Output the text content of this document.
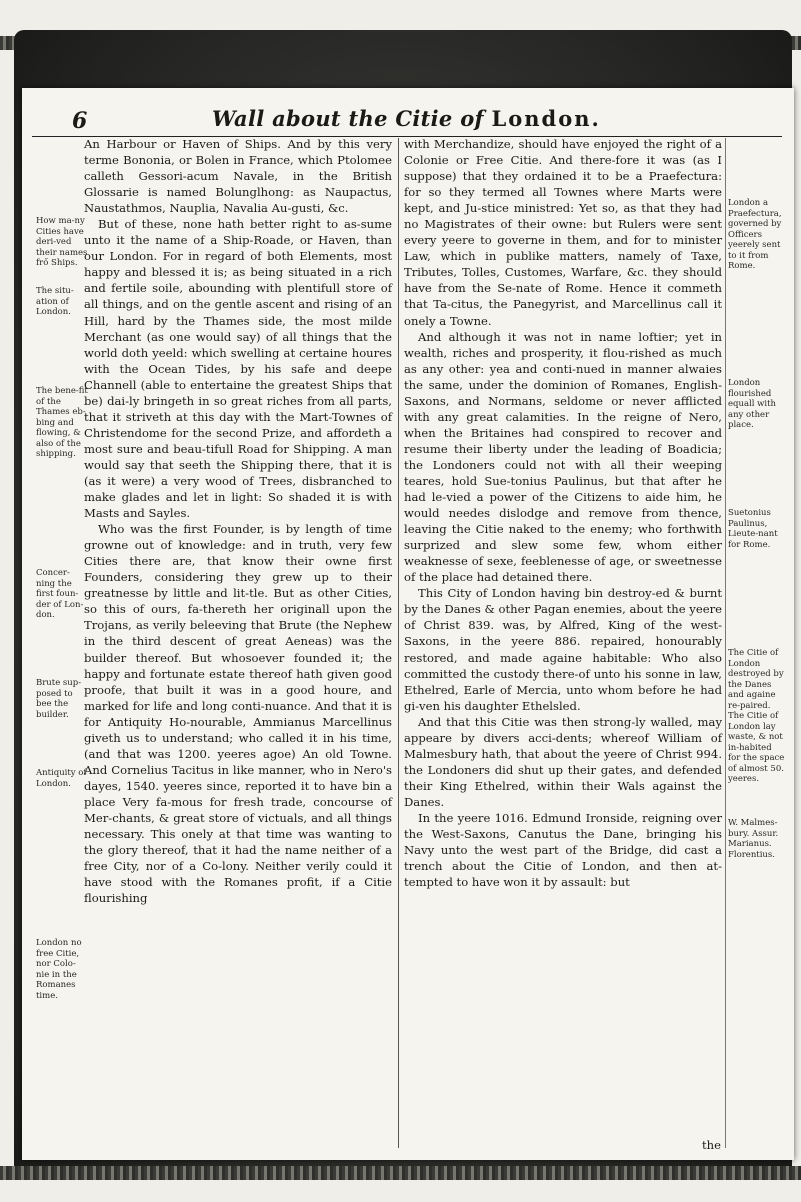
6	Wall about the Citie of London.
How ma-ny Cities have deri-ved their names frő Ships.
The situ-ation of London.
The bene-fit of the Thames eb-bing and flowing, & also of the shipping.
Concer-ning the first foun-der of Lon-don.
Brute sup-posed to bee the builder.
Antiquity of London.
London no free Citie, nor Colo-nie in the Romanes time.
London a Praefectura, governed by Officers yeerely sent to it from Rome.
London flourished equall with any other place.
Suetonius Paulinus, Lieute-nant for Rome.
The Citie of London destroyed by the Danes and againe re-paired. The Citie of London lay waste, & not in-habited for the space of almost 50. yeeres.
W. Malmes-bury. Assur. Marianus. Florentius.

An Harbour or Haven of Ships. And by this very terme Bononia, or Bolen in France, which Ptolomee calleth Gessori-acum Navale, in the British Glossarie is named Bolunglhong: as Naupactus, Naustathmos, Nauplia, Navalia Au-gusti, &c.

But of these, none hath better right to as-sume unto it the name of a Ship-Roade, or Haven, than our London. For in regard of both Elements, most happy and blessed it is; as being situated in a rich and fertile soile, abounding with plentifull store of all things, and on the gentle ascent and rising of an Hill, hard by the Thames side, the most milde Merchant (as one would say) of all things that the world doth yeeld: which swelling at certaine houres with the Ocean Tides, by his safe and deepe Channell (able to entertaine the greatest Ships that be) dai-ly bringeth in so great riches from all parts, that it striveth at this day with the Mart-Townes of Christendome for the second Prize, and affordeth a most sure and beau-tifull Road for Shipping. A man would say that seeth the Shipping there, that it is (as it were) a very wood of Trees, disbranched to make glades and let in light: So shaded it is with Masts and Sayles.

Who was the first Founder, is by length of time growne out of knowledge: and in truth, very few Cities there are, that know their owne first Founders, considering they grew up to their greatnesse by little and lit-tle. But as other Cities, so this of ours, fa-thereth her originall upon the Trojans, as verily beleeving that Brute (the Nephew in the third descent of great Aeneas) was the builder thereof. But whosoever founded it; the happy and fortunate estate thereof hath given good proofe, that built it was in a good houre, and marked for life and long conti-nuance. And that it is for Antiquity Ho-nourable, Ammianus Marcellinus giveth us to understand; who called it in his time, (and that was 1200. yeeres agoe) An old Towne. And Cornelius Tacitus in like manner, who in Nero's dayes, 1540. yeeres since, reported it to have bin a place Very fa-mous for fresh trade, concourse of Mer-chants, & great store of victuals, and all things necessary. This onely at that time was wanting to the glory thereof, that it had the name neither of a free City, nor of a Co-lony. Neither verily could it have stood with the Romanes profit, if a Citie flourishing

with Merchandize, should have enjoyed the right of a Colonie or Free Citie. And there-fore it was (as I suppose) that they ordained it to be a Praefectura: for so they termed all Townes where Marts were kept, and Ju-stice ministred: Yet so, as that they had no Magistrates of their owne: but Rulers were sent every yeere to governe in them, and for to minister Law, which in publike matters, namely of Taxe, Tributes, Tolles, Customes, Warfare, &c. they should have from the Se-nate of Rome. Hence it commeth that Ta-citus, the Panegyrist, and Marcellinus call it onely a Towne.

And although it was not in name loftier; yet in wealth, riches and prosperity, it flou-rished as much as any other: yea and conti-nued in manner alwaies the same, under the dominion of Romanes, English-Saxons, and Normans, seldome or never afflicted with any great calamities. In the reigne of Nero, when the Britaines had conspired to recover and resume their liberty under the leading of Boadicia; the Londoners could not with all their weeping teares, hold Sue-tonius Paulinus, but that after he had le-vied a power of the Citizens to aide him, he would needes dislodge and remove from thence, leaving the Citie naked to the enemy; who forthwith surprized and slew some few, whom either weaknesse of sexe, feeblenesse of age, or sweetnesse of the place had detained there.

This City of London having bin destroy-ed & burnt by the Danes & other Pagan enemies, about the yeere of Christ 839. was, by Alfred, King of the west-Saxons, in the yeere 886. repaired, honourably restored, and made againe habitable: Who also committed the custody there-of unto his sonne in law, Ethelred, Earle of Mercia, unto whom before he had gi-ven his daughter Ethelsled.

And that this Citie was then strong-ly walled, may appeare by divers acci-dents; whereof William of Malmesbury hath, that about the yeere of Christ 994. the Londoners did shut up their gates, and defended their King Ethelred, within their Wals against the Danes.

In the yeere 1016. Edmund Ironside, reigning over the West-Saxons, Canutus the Dane, bringing his Navy unto the west part of the Bridge, did cast a trench about the Citie of London, and then at-tempted to have won it by assault: but

the
